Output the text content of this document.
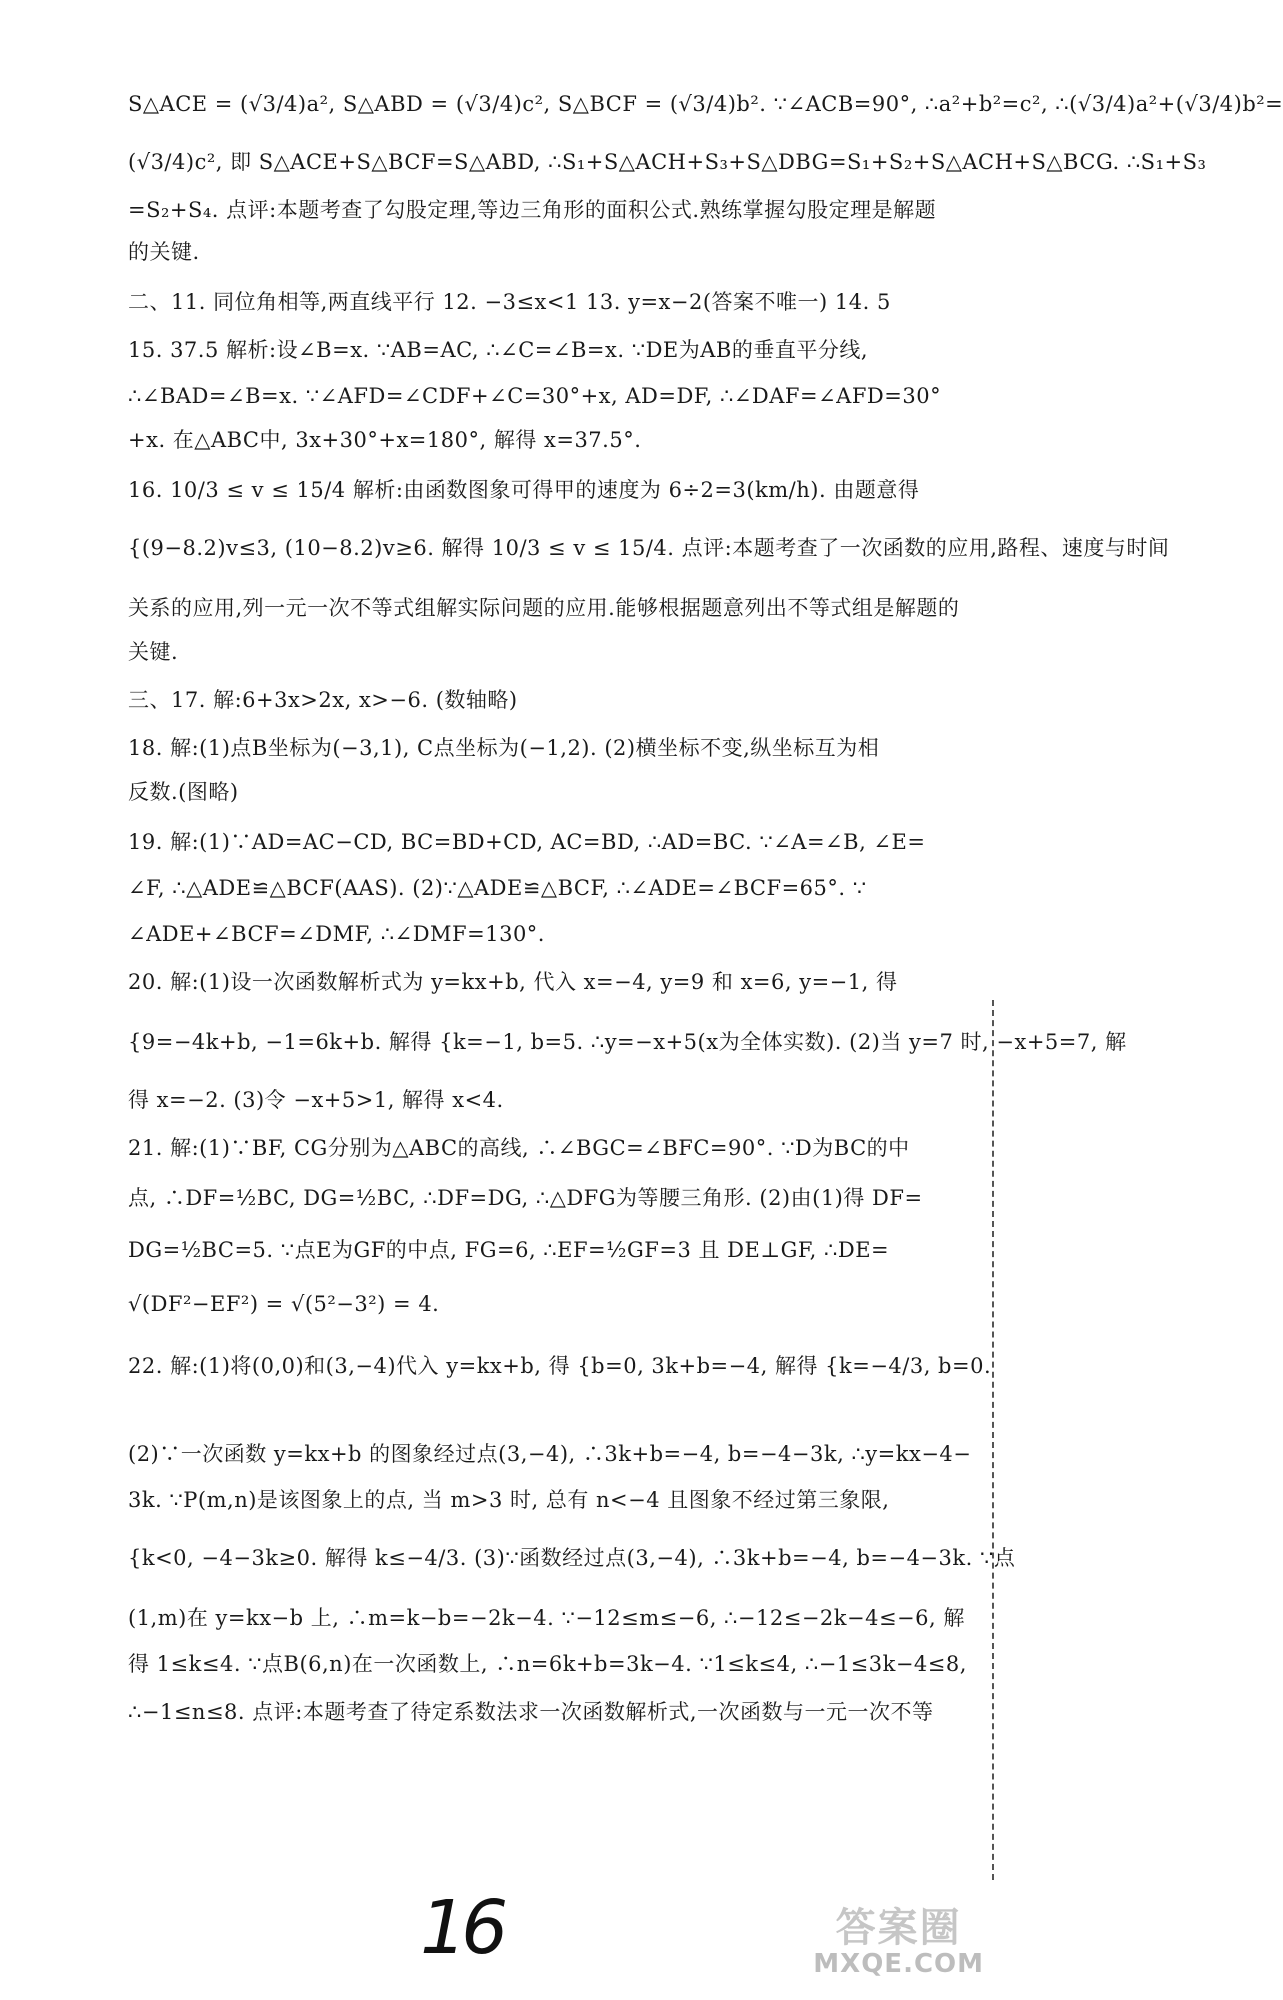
S△ACE = (√3/4)a², S△ABD = (√3/4)c², S△BCF = (√3/4)b². ∵∠ACB=90°, ∴a²+b²=c², ∴(√3/4)a²+(√3/4)b²=
(√3/4)c², 即 S△ACE+S△BCF=S△ABD, ∴S₁+S△ACH+S₃+S△DBG=S₁+S₂+S△ACH+S△BCG. ∴S₁+S₃
=S₂+S₄. 点评:本题考查了勾股定理,等边三角形的面积公式.熟练掌握勾股定理是解题
的关键.
二、11. 同位角相等,两直线平行 12. −3≤x<1 13. y=x−2(答案不唯一) 14. 5
15. 37.5 解析:设∠B=x. ∵AB=AC, ∴∠C=∠B=x. ∵DE为AB的垂直平分线,
∴∠BAD=∠B=x. ∵∠AFD=∠CDF+∠C=30°+x, AD=DF, ∴∠DAF=∠AFD=30°
+x. 在△ABC中, 3x+30°+x=180°, 解得 x=37.5°.
16. 10/3 ≤ v ≤ 15/4 解析:由函数图象可得甲的速度为 6÷2=3(km/h). 由题意得
{(9−8.2)v≤3, (10−8.2)v≥6. 解得 10/3 ≤ v ≤ 15/4. 点评:本题考查了一次函数的应用,路程、速度与时间
关系的应用,列一元一次不等式组解实际问题的应用.能够根据题意列出不等式组是解题的
关键.
三、17. 解:6+3x>2x, x>−6. (数轴略)
18. 解:(1)点B坐标为(−3,1), C点坐标为(−1,2). (2)横坐标不变,纵坐标互为相
反数.(图略)
19. 解:(1)∵AD=AC−CD, BC=BD+CD, AC=BD, ∴AD=BC. ∵∠A=∠B, ∠E=
∠F, ∴△ADE≌△BCF(AAS). (2)∵△ADE≌△BCF, ∴∠ADE=∠BCF=65°. ∵
∠ADE+∠BCF=∠DMF, ∴∠DMF=130°.
20. 解:(1)设一次函数解析式为 y=kx+b, 代入 x=−4, y=9 和 x=6, y=−1, 得
{9=−4k+b, −1=6k+b. 解得 {k=−1, b=5. ∴y=−x+5(x为全体实数). (2)当 y=7 时, −x+5=7, 解
得 x=−2. (3)令 −x+5>1, 解得 x<4.
21. 解:(1)∵BF, CG分别为△ABC的高线, ∴∠BGC=∠BFC=90°. ∵D为BC的中
点, ∴DF=½BC, DG=½BC, ∴DF=DG, ∴△DFG为等腰三角形. (2)由(1)得 DF=
DG=½BC=5. ∵点E为GF的中点, FG=6, ∴EF=½GF=3 且 DE⊥GF, ∴DE=
√(DF²−EF²) = √(5²−3²) = 4.
22. 解:(1)将(0,0)和(3,−4)代入 y=kx+b, 得 {b=0, 3k+b=−4, 解得 {k=−4/3, b=0.
(2)∵一次函数 y=kx+b 的图象经过点(3,−4), ∴3k+b=−4, b=−4−3k, ∴y=kx−4−
3k. ∵P(m,n)是该图象上的点, 当 m>3 时, 总有 n<−4 且图象不经过第三象限,
{k<0, −4−3k≥0. 解得 k≤−4/3. (3)∵函数经过点(3,−4), ∴3k+b=−4, b=−4−3k. ∵点
(1,m)在 y=kx−b 上, ∴m=k−b=−2k−4. ∵−12≤m≤−6, ∴−12≤−2k−4≤−6, 解
得 1≤k≤4. ∵点B(6,n)在一次函数上, ∴n=6k+b=3k−4. ∵1≤k≤4, ∴−1≤3k−4≤8,
∴−1≤n≤8. 点评:本题考查了待定系数法求一次函数解析式,一次函数与一元一次不等
16	答案圈
MXQE.COM
